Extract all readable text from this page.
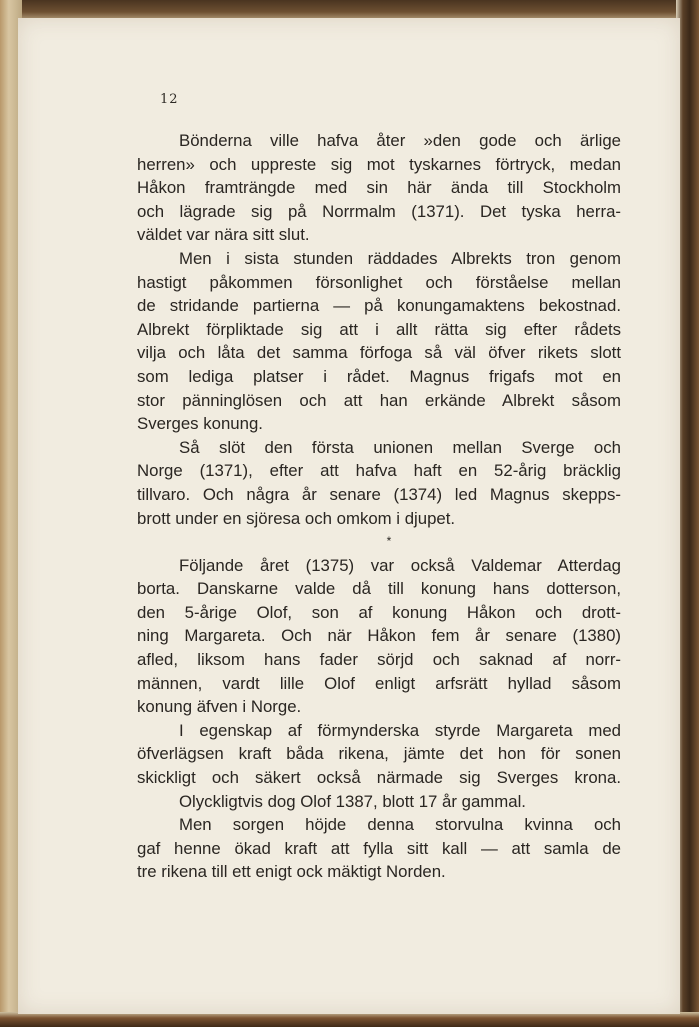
12
Bönderna ville hafva åter »den gode och ärlige
herren» och uppreste sig mot tyskarnes förtryck, medan
Håkon framträngde med sin här ända till Stockholm
och lägrade sig på Norrmalm (1371). Det tyska herra-
väldet var nära sitt slut.
Men i sista stunden räddades Albrekts tron genom
hastigt påkommen försonlighet och förståelse mellan
de stridande partierna — på konungamaktens bekostnad.
Albrekt förpliktade sig att i allt rätta sig efter rådets
vilja och låta det samma förfoga så väl öfver rikets slott
som lediga platser i rådet. Magnus frigafs mot en
stor pänninglösen och att han erkände Albrekt såsom
Sverges konung.
Så slöt den första unionen mellan Sverge och
Norge (1371), efter att hafva haft en 52-årig bräcklig
tillvaro. Och några år senare (1374) led Magnus skepps-
brott under en sjöresa och omkom i djupet.
*
Följande året (1375) var också Valdemar Atterdag
borta. Danskarne valde då till konung hans dotterson,
den 5-årige Olof, son af konung Håkon och drott-
ning Margareta. Och när Håkon fem år senare (1380)
afled, liksom hans fader sörjd och saknad af norr-
männen, vardt lille Olof enligt arfsrätt hyllad såsom
konung äfven i Norge.
I egenskap af förmynderska styrde Margareta med
öfverlägsen kraft båda rikena, jämte det hon för sonen
skickligt och säkert också närmade sig Sverges krona.
Olyckligtvis dog Olof 1387, blott 17 år gammal.
Men sorgen höjde denna storvulna kvinna och
gaf henne ökad kraft att fylla sitt kall — att samla de
tre rikena till ett enigt ock mäktigt Norden.
